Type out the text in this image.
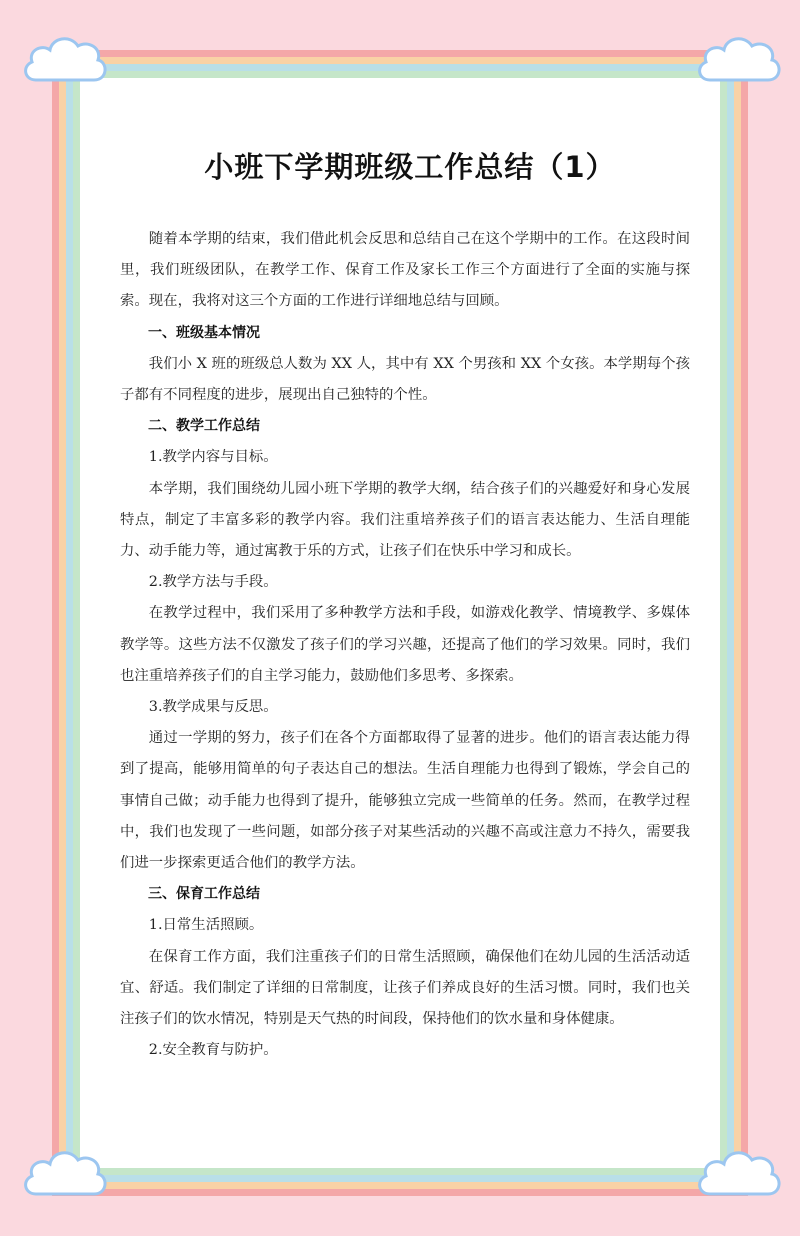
小班下学期班级工作总结（1）

随着本学期的结束，我们借此机会反思和总结自己在这个学期中的工作。在这段时间里，我们班级团队，在教学工作、保育工作及家长工作三个方面进行了全面的实施与探索。现在，我将对这三个方面的工作进行详细地总结与回顾。

一、班级基本情况

我们小 X 班的班级总人数为 XX 人，其中有 XX 个男孩和 XX 个女孩。本学期每个孩子都有不同程度的进步，展现出自己独特的个性。

二、教学工作总结

1.教学内容与目标。

本学期，我们围绕幼儿园小班下学期的教学大纲，结合孩子们的兴趣爱好和身心发展特点，制定了丰富多彩的教学内容。我们注重培养孩子们的语言表达能力、生活自理能力、动手能力等，通过寓教于乐的方式，让孩子们在快乐中学习和成长。

2.教学方法与手段。

在教学过程中，我们采用了多种教学方法和手段，如游戏化教学、情境教学、多媒体教学等。这些方法不仅激发了孩子们的学习兴趣，还提高了他们的学习效果。同时，我们也注重培养孩子们的自主学习能力，鼓励他们多思考、多探索。

3.教学成果与反思。

通过一学期的努力，孩子们在各个方面都取得了显著的进步。他们的语言表达能力得到了提高，能够用简单的句子表达自己的想法。生活自理能力也得到了锻炼，学会自己的事情自己做；动手能力也得到了提升，能够独立完成一些简单的任务。然而，在教学过程中，我们也发现了一些问题，如部分孩子对某些活动的兴趣不高或注意力不持久，需要我们进一步探索更适合他们的教学方法。

三、保育工作总结

1.日常生活照顾。

在保育工作方面，我们注重孩子们的日常生活照顾，确保他们在幼儿园的生活活动适宜、舒适。我们制定了详细的日常制度，让孩子们养成良好的生活习惯。同时，我们也关注孩子们的饮水情况，特别是天气热的时间段，保持他们的饮水量和身体健康。

2.安全教育与防护。
